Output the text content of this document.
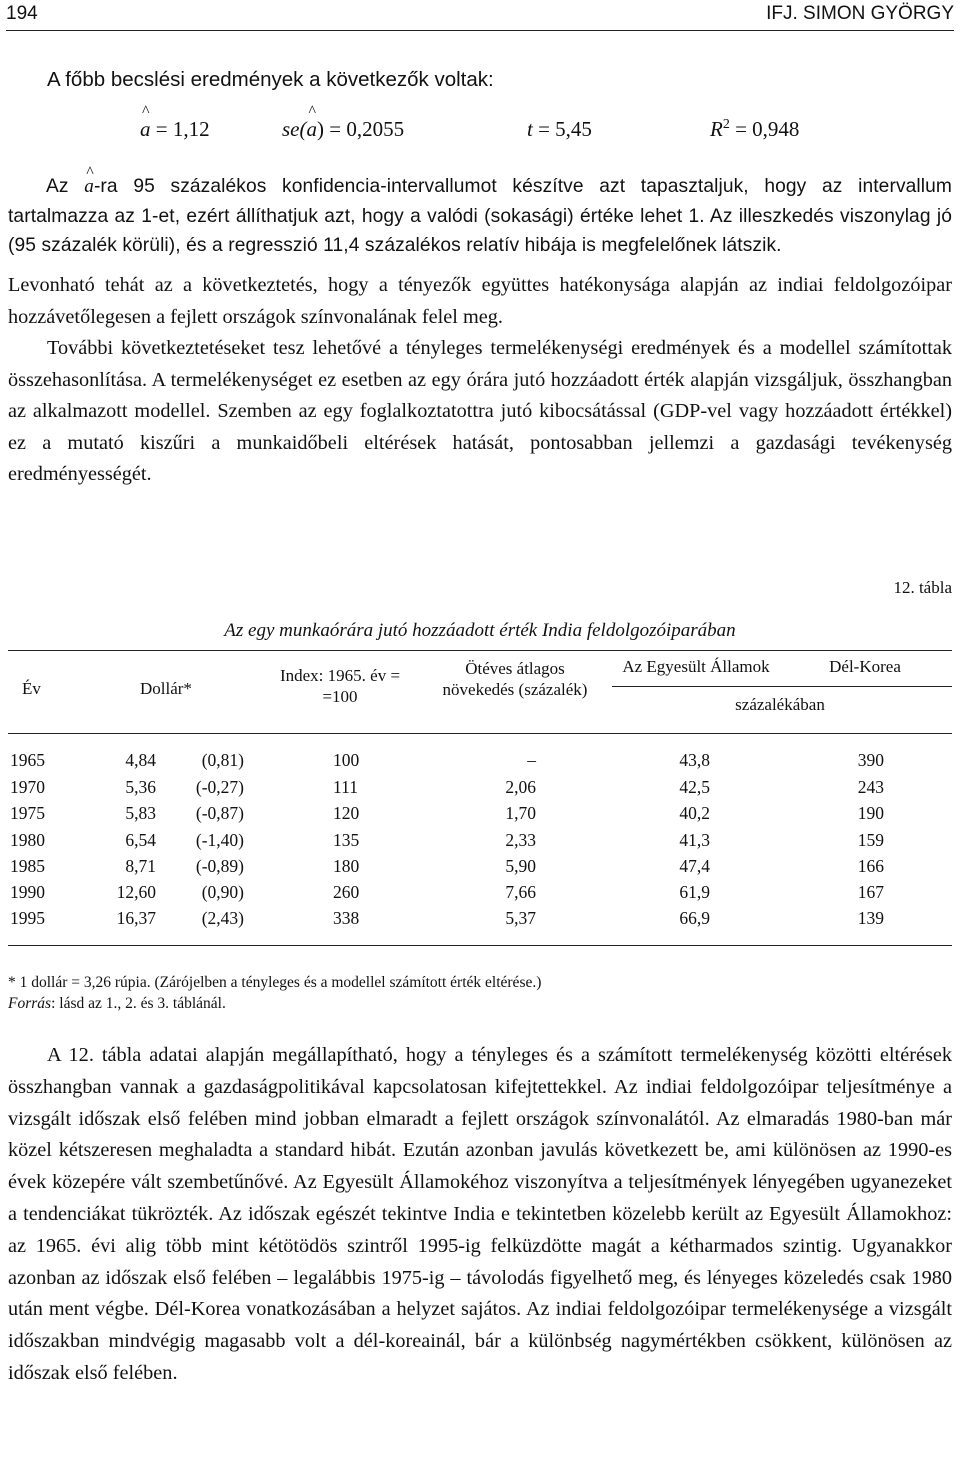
194	IFJ. SIMON GYÖRGY
A főbb becslési eredmények a következők voltak:
^ a = 1,12	se(^ a) = 0,2055	t = 5,45	$R^2 = 0,948$
Az ^ a-ra 95 százalékos konfidencia-intervallumot készítve azt tapasztaljuk, hogy az intervallum tartalmazza az 1-et, ezért állíthatjuk azt, hogy a valódi (sokasági) értéke lehet 1. Az illeszkedés viszonylag jó (95 százalék körüli), és a regresszió 11,4 százalékos relatív hibája is megfelelőnek látszik.
Levonható tehát az a következtetés, hogy a tényezők együttes hatékonysága alapján az indiai feldolgozóipar hozzávetőlegesen a fejlett országok színvonalának felel meg.
További következtetéseket tesz lehetővé a tényleges termelékenységi eredmények és a modellel számítottak összehasonlítása. A termelékenységet ez esetben az egy órára jutó hozzáadott érték alapján vizsgáljuk, összhangban az alkalmazott modellel. Szemben az egy foglalkoztatottra jutó kibocsátással (GDP-vel vagy hozzáadott értékkel) ez a mutató kiszűri a munkaidőbeli eltérések hatását, pontosabban jellemzi a gazdasági tevékenység eredményességét.
12. tábla
Az egy munkaórára jutó hozzáadott érték India feldolgozóiparában
Év	Dollár*
Index: 1965. év = =100
Ötéves átlagos növekedés (százalék)
Az Egyesült Államok	Dél-Korea
százalékában
1965	4,84	(0,81)	100	–	43,8	390
1970	5,36	(-0,27)	111	2,06	42,5	243
1975	5,83	(-0,87)	120	1,70	40,2	190
1980	6,54	(-1,40)	135	2,33	41,3	159
1985	8,71	(-0,89)	180	5,90	47,4	166
1990	12,60	(0,90)	260	7,66	61,9	167
1995	16,37	(2,43)	338	5,37	66,9	139
* 1 dollár = 3,26 rúpia. (Zárójelben a tényleges és a modellel számított érték eltérése.)
Forrás: lásd az 1., 2. és 3. táblánál.
A 12. tábla adatai alapján megállapítható, hogy a tényleges és a számított termelékenység közötti eltérések összhangban vannak a gazdaságpolitikával kapcsolatosan kifejtettekkel. Az indiai feldolgozóipar teljesítménye a vizsgált időszak első felében mind jobban elmaradt a fejlett országok színvonalától. Az elmaradás 1980-ban már közel kétszeresen meghaladta a standard hibát. Ezután azonban javulás következett be, ami különösen az 1990-es évek közepére vált szembetűnővé. Az Egyesült Államokéhoz viszonyítva a teljesítmények lényegében ugyanezeket a tendenciákat tükrözték. Az időszak egészét tekintve India e tekintetben közelebb került az Egyesült Államokhoz: az 1965. évi alig több mint kétötödös szintről 1995-ig felküzdötte magát a kétharmados szintig. Ugyanakkor azonban az időszak első felében – legalábbis 1975-ig – távolodás figyelhető meg, és lényeges közeledés csak 1980 után ment végbe. Dél-Korea vonatkozásában a helyzet sajátos. Az indiai feldolgozóipar termelékenysége a vizsgált időszakban mindvégig magasabb volt a dél-koreainál, bár a különbség nagymértékben csökkent, különösen az időszak első felében.
